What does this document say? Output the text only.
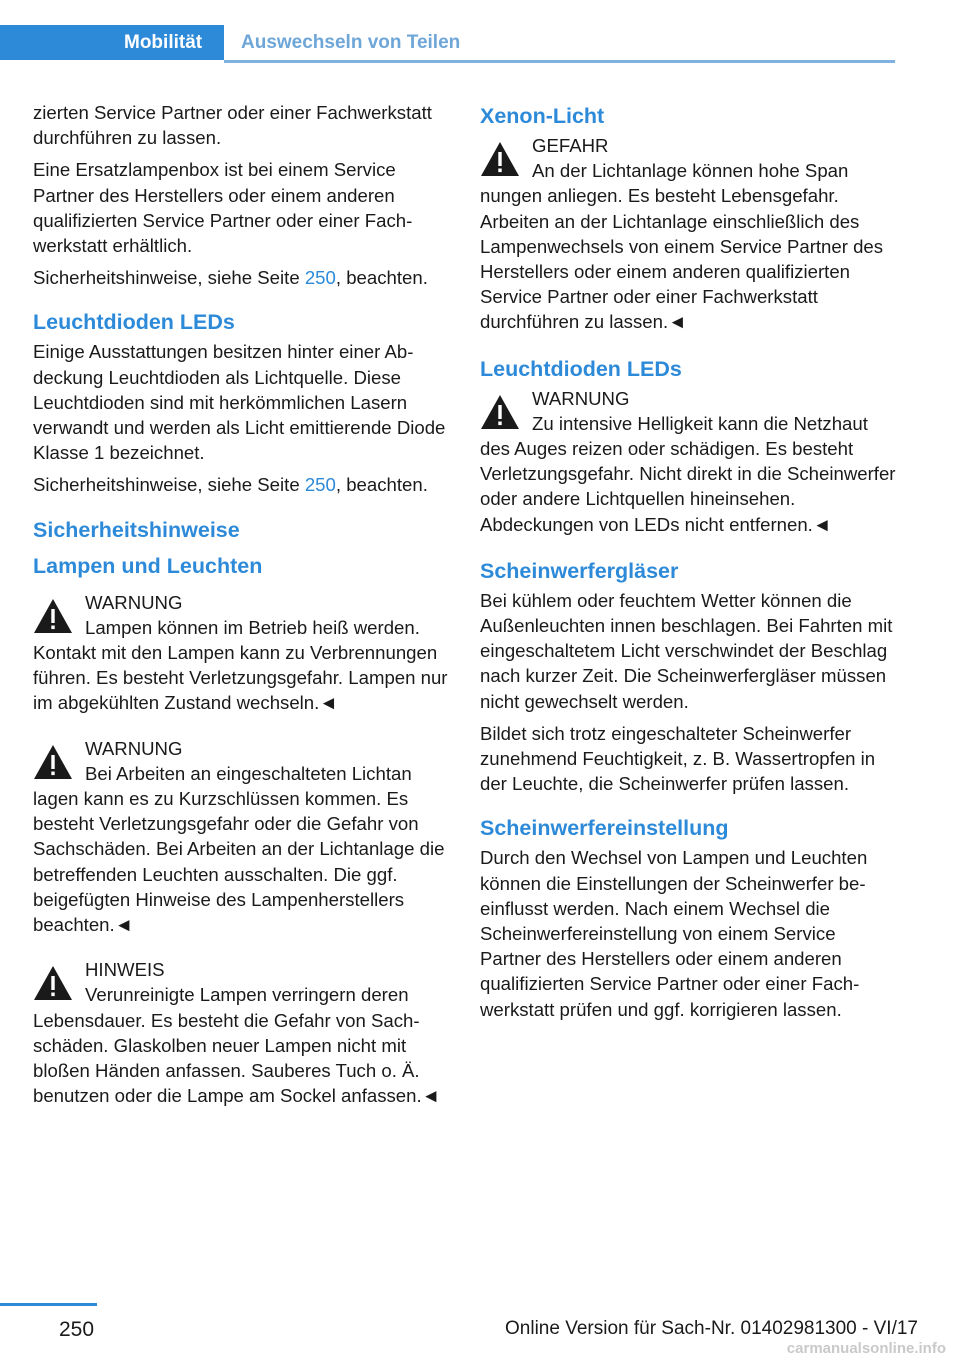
Mobilität	Auswechseln von Teilen

zierten Service Partner oder einer Fachwerkstatt durchführen zu lassen.

Eine Ersatzlampenbox ist bei einem Service Partner des Herstellers oder einem anderen qualifizierten Service Partner oder einer Fachwerkstatt erhältlich.

Sicherheitshinweise, siehe Seite 250, beachten.

Leuchtdioden LEDs

Einige Ausstattungen besitzen hinter einer Abdeckung Leuchtdioden als Lichtquelle. Diese Leuchtdioden sind mit herkömmlichen Lasern verwandt und werden als Licht emittierende Diode Klasse 1 bezeichnet.

Sicherheitshinweise, siehe Seite 250, beachten.

Sicherheitshinweise
Lampen und Leuchten
WARNUNG
Lampen können im Betrieb heiß werden.

Kontakt mit den Lampen kann zu Verbrennungen führen. Es besteht Verletzungsgefahr. Lampen nur im abgekühlten Zustand wechseln.◄

WARNUNG
Bei Arbeiten an eingeschalteten Lichtan

lagen kann es zu Kurzschlüssen kommen. Es besteht Verletzungsgefahr oder die Gefahr von Sachschäden. Bei Arbeiten an der Lichtanlage die betreffenden Leuchten ausschalten. Die ggf. beigefügten Hinweise des Lampenherstellers beachten.◄

HINWEIS
Verunreinigte Lampen verringern deren

Lebensdauer. Es besteht die Gefahr von Sachschäden. Glaskolben neuer Lampen nicht mit bloßen Händen anfassen. Sauberes Tuch o. Ä. benutzen oder die Lampe am Sockel anfassen.◄

Xenon-Licht
GEFAHR
An der Lichtanlage können hohe Span

nungen anliegen. Es besteht Lebensgefahr. Arbeiten an der Lichtanlage einschließlich des Lampenwechsels von einem Service Partner des Herstellers oder einem anderen qualifizierten Service Partner oder einer Fachwerkstatt durchführen zu lassen.◄

Leuchtdioden LEDs
WARNUNG
Zu intensive Helligkeit kann die Netzhaut

des Auges reizen oder schädigen. Es besteht Verletzungsgefahr. Nicht direkt in die Scheinwerfer oder andere Lichtquellen hineinsehen. Abdeckungen von LEDs nicht entfernen.◄

Scheinwerfergläser

Bei kühlem oder feuchtem Wetter können die Außenleuchten innen beschlagen. Bei Fahrten mit eingeschaltetem Licht verschwindet der Beschlag nach kurzer Zeit. Die Scheinwerfergläser müssen nicht gewechselt werden.

Bildet sich trotz eingeschalteter Scheinwerfer zunehmend Feuchtigkeit, z. B. Wassertropfen in der Leuchte, die Scheinwerfer prüfen lassen.

Scheinwerfereinstellung

Durch den Wechsel von Lampen und Leuchten können die Einstellungen der Scheinwerfer beeinflusst werden. Nach einem Wechsel die Scheinwerfereinstellung von einem Service Partner des Herstellers oder einem anderen qualifizierten Service Partner oder einer Fachwerkstatt prüfen und ggf. korrigieren lassen.

250	Online Version für Sach-Nr. 01402981300 - VI/17
carmanualsonline.info
